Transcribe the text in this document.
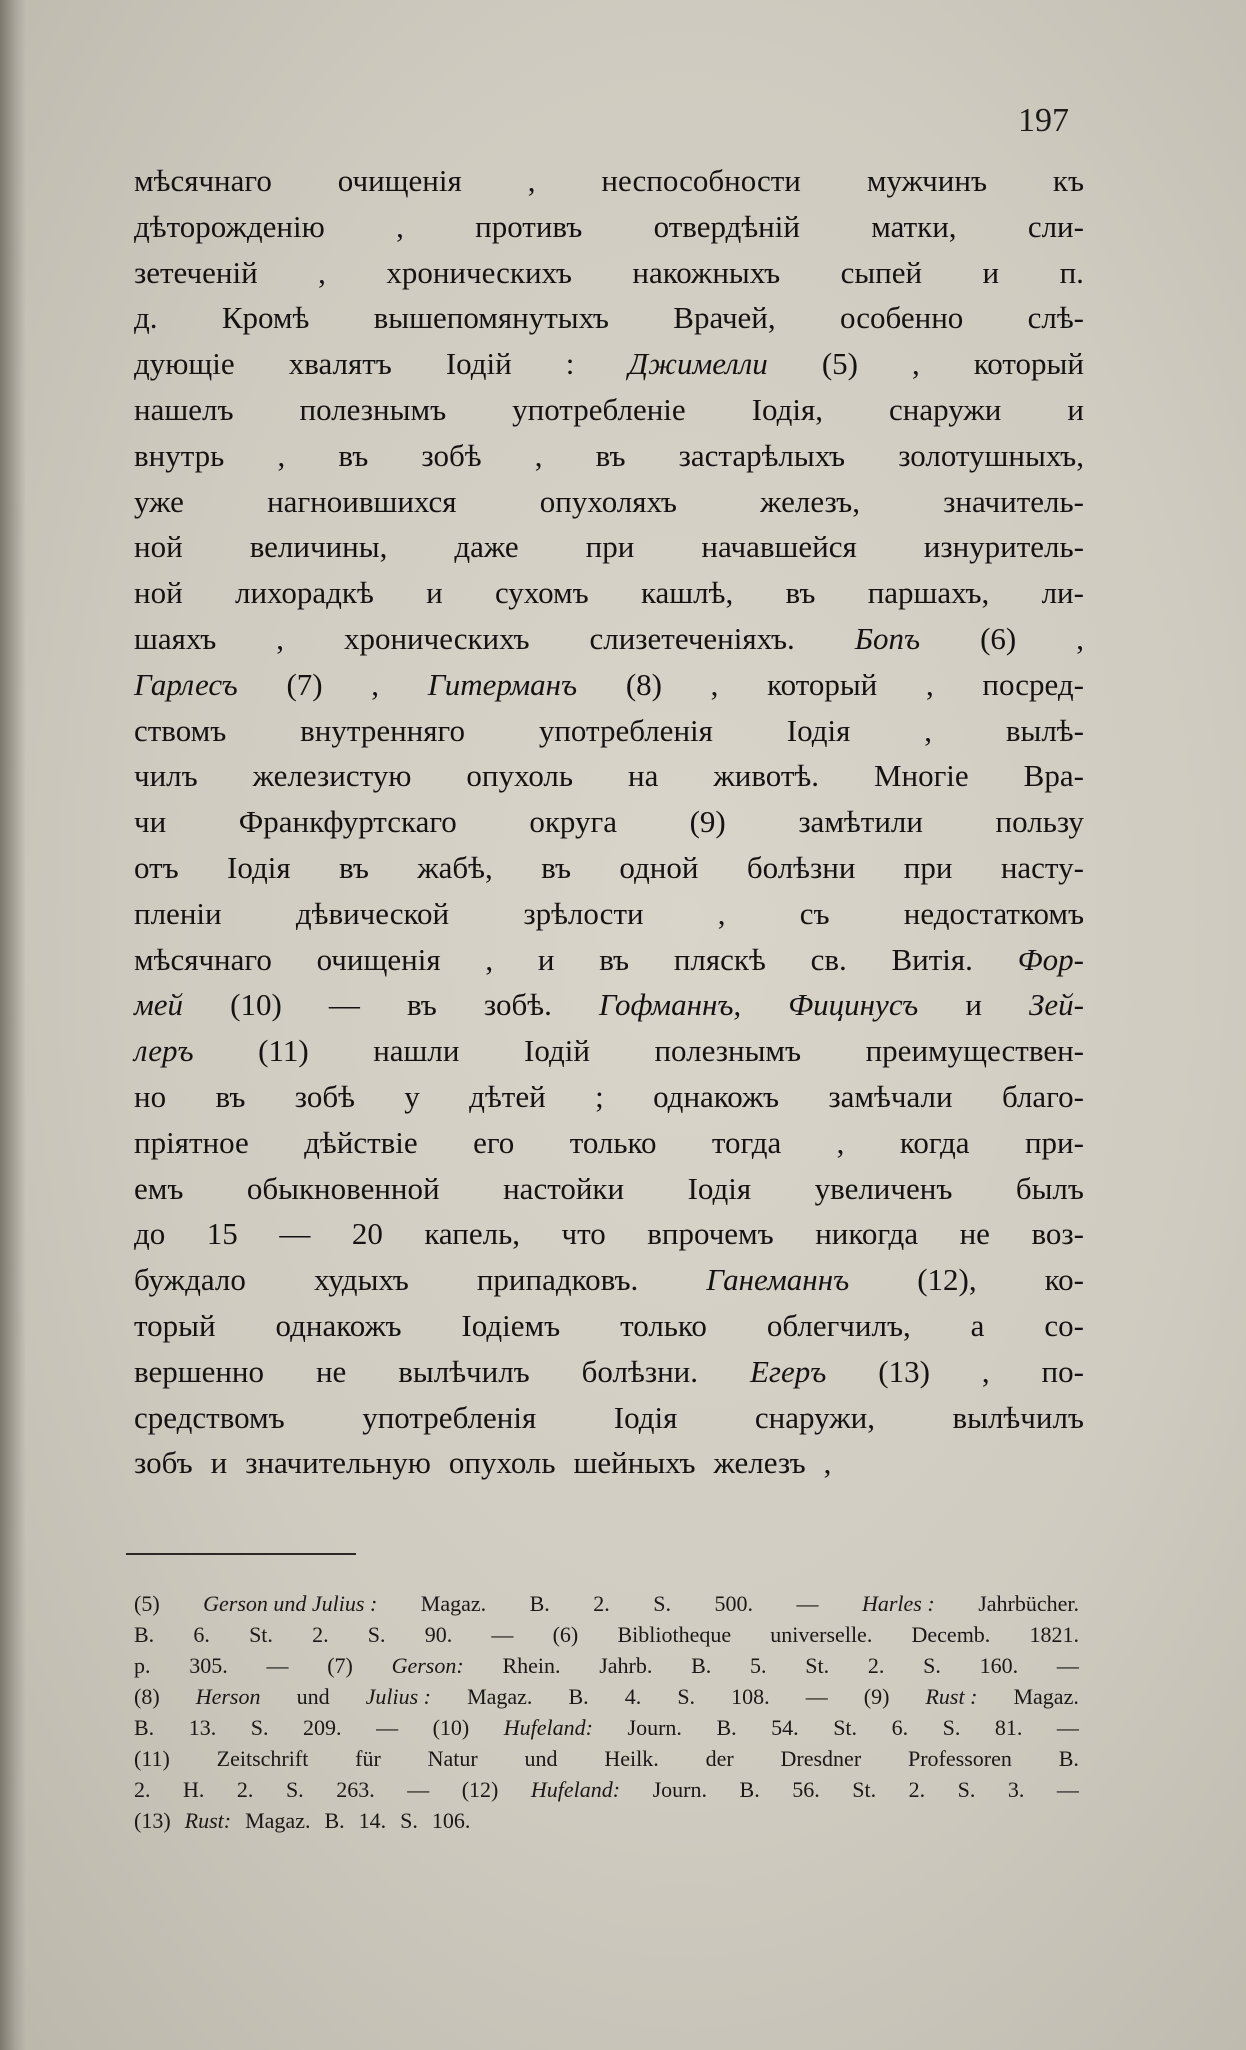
197
мѣсячнаго очищенія , неспособности мужчинъ къ
дѣторожденію , противъ отвердѣній матки, сли-
зетеченій , хроническихъ накожныхъ сыпей и п.
д. Кромѣ вышепомянутыхъ Врачей, особенно слѣ-
дующіе хвалятъ Іодій : Джимелли (5) , который
нашелъ полезнымъ употребленіе Іодія, снаружи и
внутрь , въ зобѣ , въ застарѣлыхъ золотушныхъ,
уже	нагноившихся	опухоляхъ	железъ,	значитель-
ной величины, даже при начавшейся изнуритель-
ной лихорадкѣ и сухомъ кашлѣ, въ паршахъ, ли-
шаяхъ , хроническихъ слизетеченіяхъ. Бопъ (6) ,
Гарлесъ (7) , Гитерманъ (8) , который , посред-
ствомъ внутренняго употребленія Іодія , вылѣ-
чилъ железистую опухоль на животѣ. Многіе Вра-
чи Франкфуртскаго округа (9) замѣтили пользу
отъ Іодія въ жабѣ, въ одной болѣзни при насту-
пленіи дѣвической зрѣлости , съ недостаткомъ
мѣсячнаго очищенія , и въ пляскѣ св. Витія. Фор-
мей (10) — въ зобѣ. Гофманнъ, Фицинусъ и Зей-
леръ (11) нашли Іодій полезнымъ преимуществен-
но въ зобѣ у дѣтей ; однакожъ замѣчали благо-
пріятное дѣйствіе его только тогда , когда при-
емъ обыкновенной настойки Іодія увеличенъ былъ
до 15 — 20 капель, что впрочемъ никогда не воз-
буждало худыхъ припадковъ. Ганеманнъ (12), ко-
торый однакожъ Іодіемъ только облегчилъ, а со-
вершенно не вылѣчилъ болѣзни. Егеръ (13) , по-
средствомъ	употребленія	Іодія	снаружи,	вылѣчилъ
зобъ и значительную опухоль шейныхъ железъ ,
(5) Gerson und Julius : Magaz. B. 2. S. 500. — Harles : Jahrbücher.
B. 6. St. 2. S. 90. — (6) Bibliotheque universelle. Decemb. 1821.
p. 305. — (7) Gerson: Rhein. Jahrb. B. 5. St. 2. S. 160. —
(8) Herson und Julius : Magaz. B. 4. S. 108. — (9) Rust : Magaz.
B. 13. S. 209. — (10) Hufeland: Journ. B. 54. St. 6. S. 81. —
(11) Zeitschrift für Natur und Heilk. der Dresdner Professoren B.
2. H. 2. S. 263. — (12) Hufeland: Journ. B. 56. St. 2. S. 3. —
(13) Rust: Magaz. B. 14. S. 106.
